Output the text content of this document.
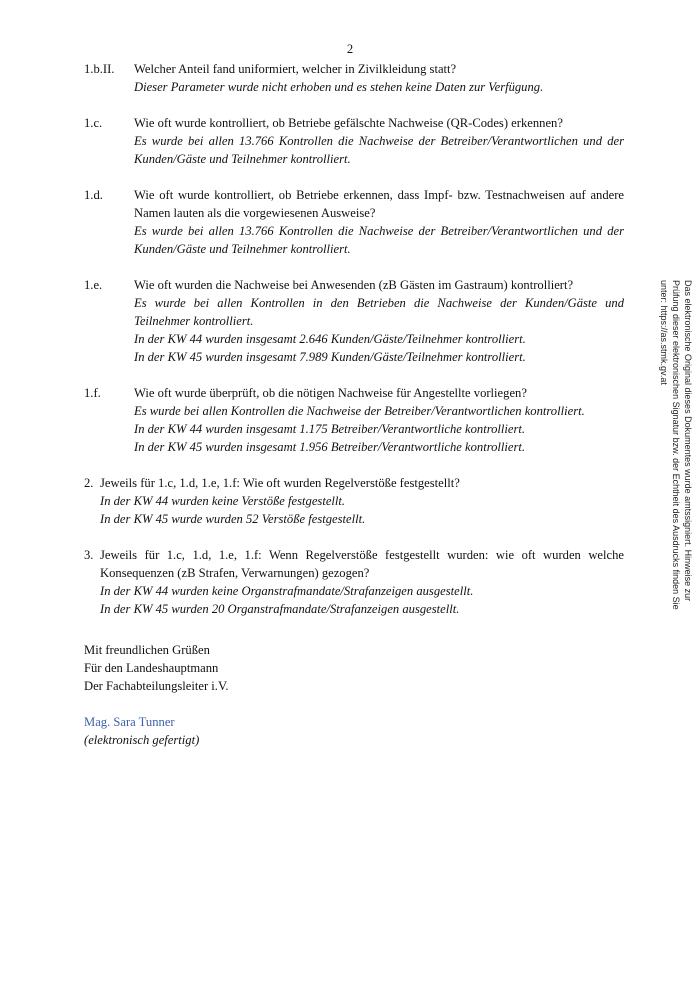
2
1.b.II.	Welcher Anteil fand uniformiert, welcher in Zivilkleidung statt?
Dieser Parameter wurde nicht erhoben und es stehen keine Daten zur Verfügung.
1.c.	Wie oft wurde kontrolliert, ob Betriebe gefälschte Nachweise (QR-Codes) erkennen?
Es wurde bei allen 13.766 Kontrollen die Nachweise der Betreiber/Verantwortlichen und der Kunden/Gäste und Teilnehmer kontrolliert.
1.d.	Wie oft wurde kontrolliert, ob Betriebe erkennen, dass Impf- bzw. Testnachweisen auf andere Namen lauten als die vorgewiesenen Ausweise?
Es wurde bei allen 13.766 Kontrollen die Nachweise der Betreiber/Verantwortlichen und der Kunden/Gäste und Teilnehmer kontrolliert.
1.e.	Wie oft wurden die Nachweise bei Anwesenden (zB Gästen im Gastraum) kontrolliert?
Es wurde bei allen Kontrollen in den Betrieben die Nachweise der Kunden/Gäste und Teilnehmer kontrolliert.
In der KW 44 wurden insgesamt 2.646 Kunden/Gäste/Teilnehmer kontrolliert.
In der KW 45 wurden insgesamt 7.989 Kunden/Gäste/Teilnehmer kontrolliert.
1.f.	Wie oft wurde überprüft, ob die nötigen Nachweise für Angestellte vorliegen?
Es wurde bei allen Kontrollen die Nachweise der Betreiber/Verantwortlichen kontrolliert.
In der KW 44 wurden insgesamt 1.175 Betreiber/Verantwortliche kontrolliert.
In der KW 45 wurden insgesamt 1.956 Betreiber/Verantwortliche kontrolliert.
2. Jeweils für 1.c, 1.d, 1.e, 1.f: Wie oft wurden Regelverstöße festgestellt?
In der KW 44 wurden keine Verstöße festgestellt.
In der KW 45 wurde wurden 52 Verstöße festgestellt.
3. Jeweils für 1.c, 1.d, 1.e, 1.f: Wenn Regelverstöße festgestellt wurden: wie oft wurden welche Konsequenzen (zB Strafen, Verwarnungen) gezogen?
In der KW 44 wurden keine Organstrafmandate/Strafanzeigen ausgestellt.
In der KW 45 wurden 20 Organstrafmandate/Strafanzeigen ausgestellt.
Mit freundlichen Grüßen
Für den Landeshauptmann
Der Fachabteilungsleiter i.V.
Mag. Sara Tunner
(elektronisch gefertigt)
Das elektronische Original dieses Dokumentes wurde amtssigniert. Hinweise zur Prüfung dieser elektronischen Signatur bzw. der Echtheit des Ausdrucks finden Sie unter: https://as.stmk.gv.at
